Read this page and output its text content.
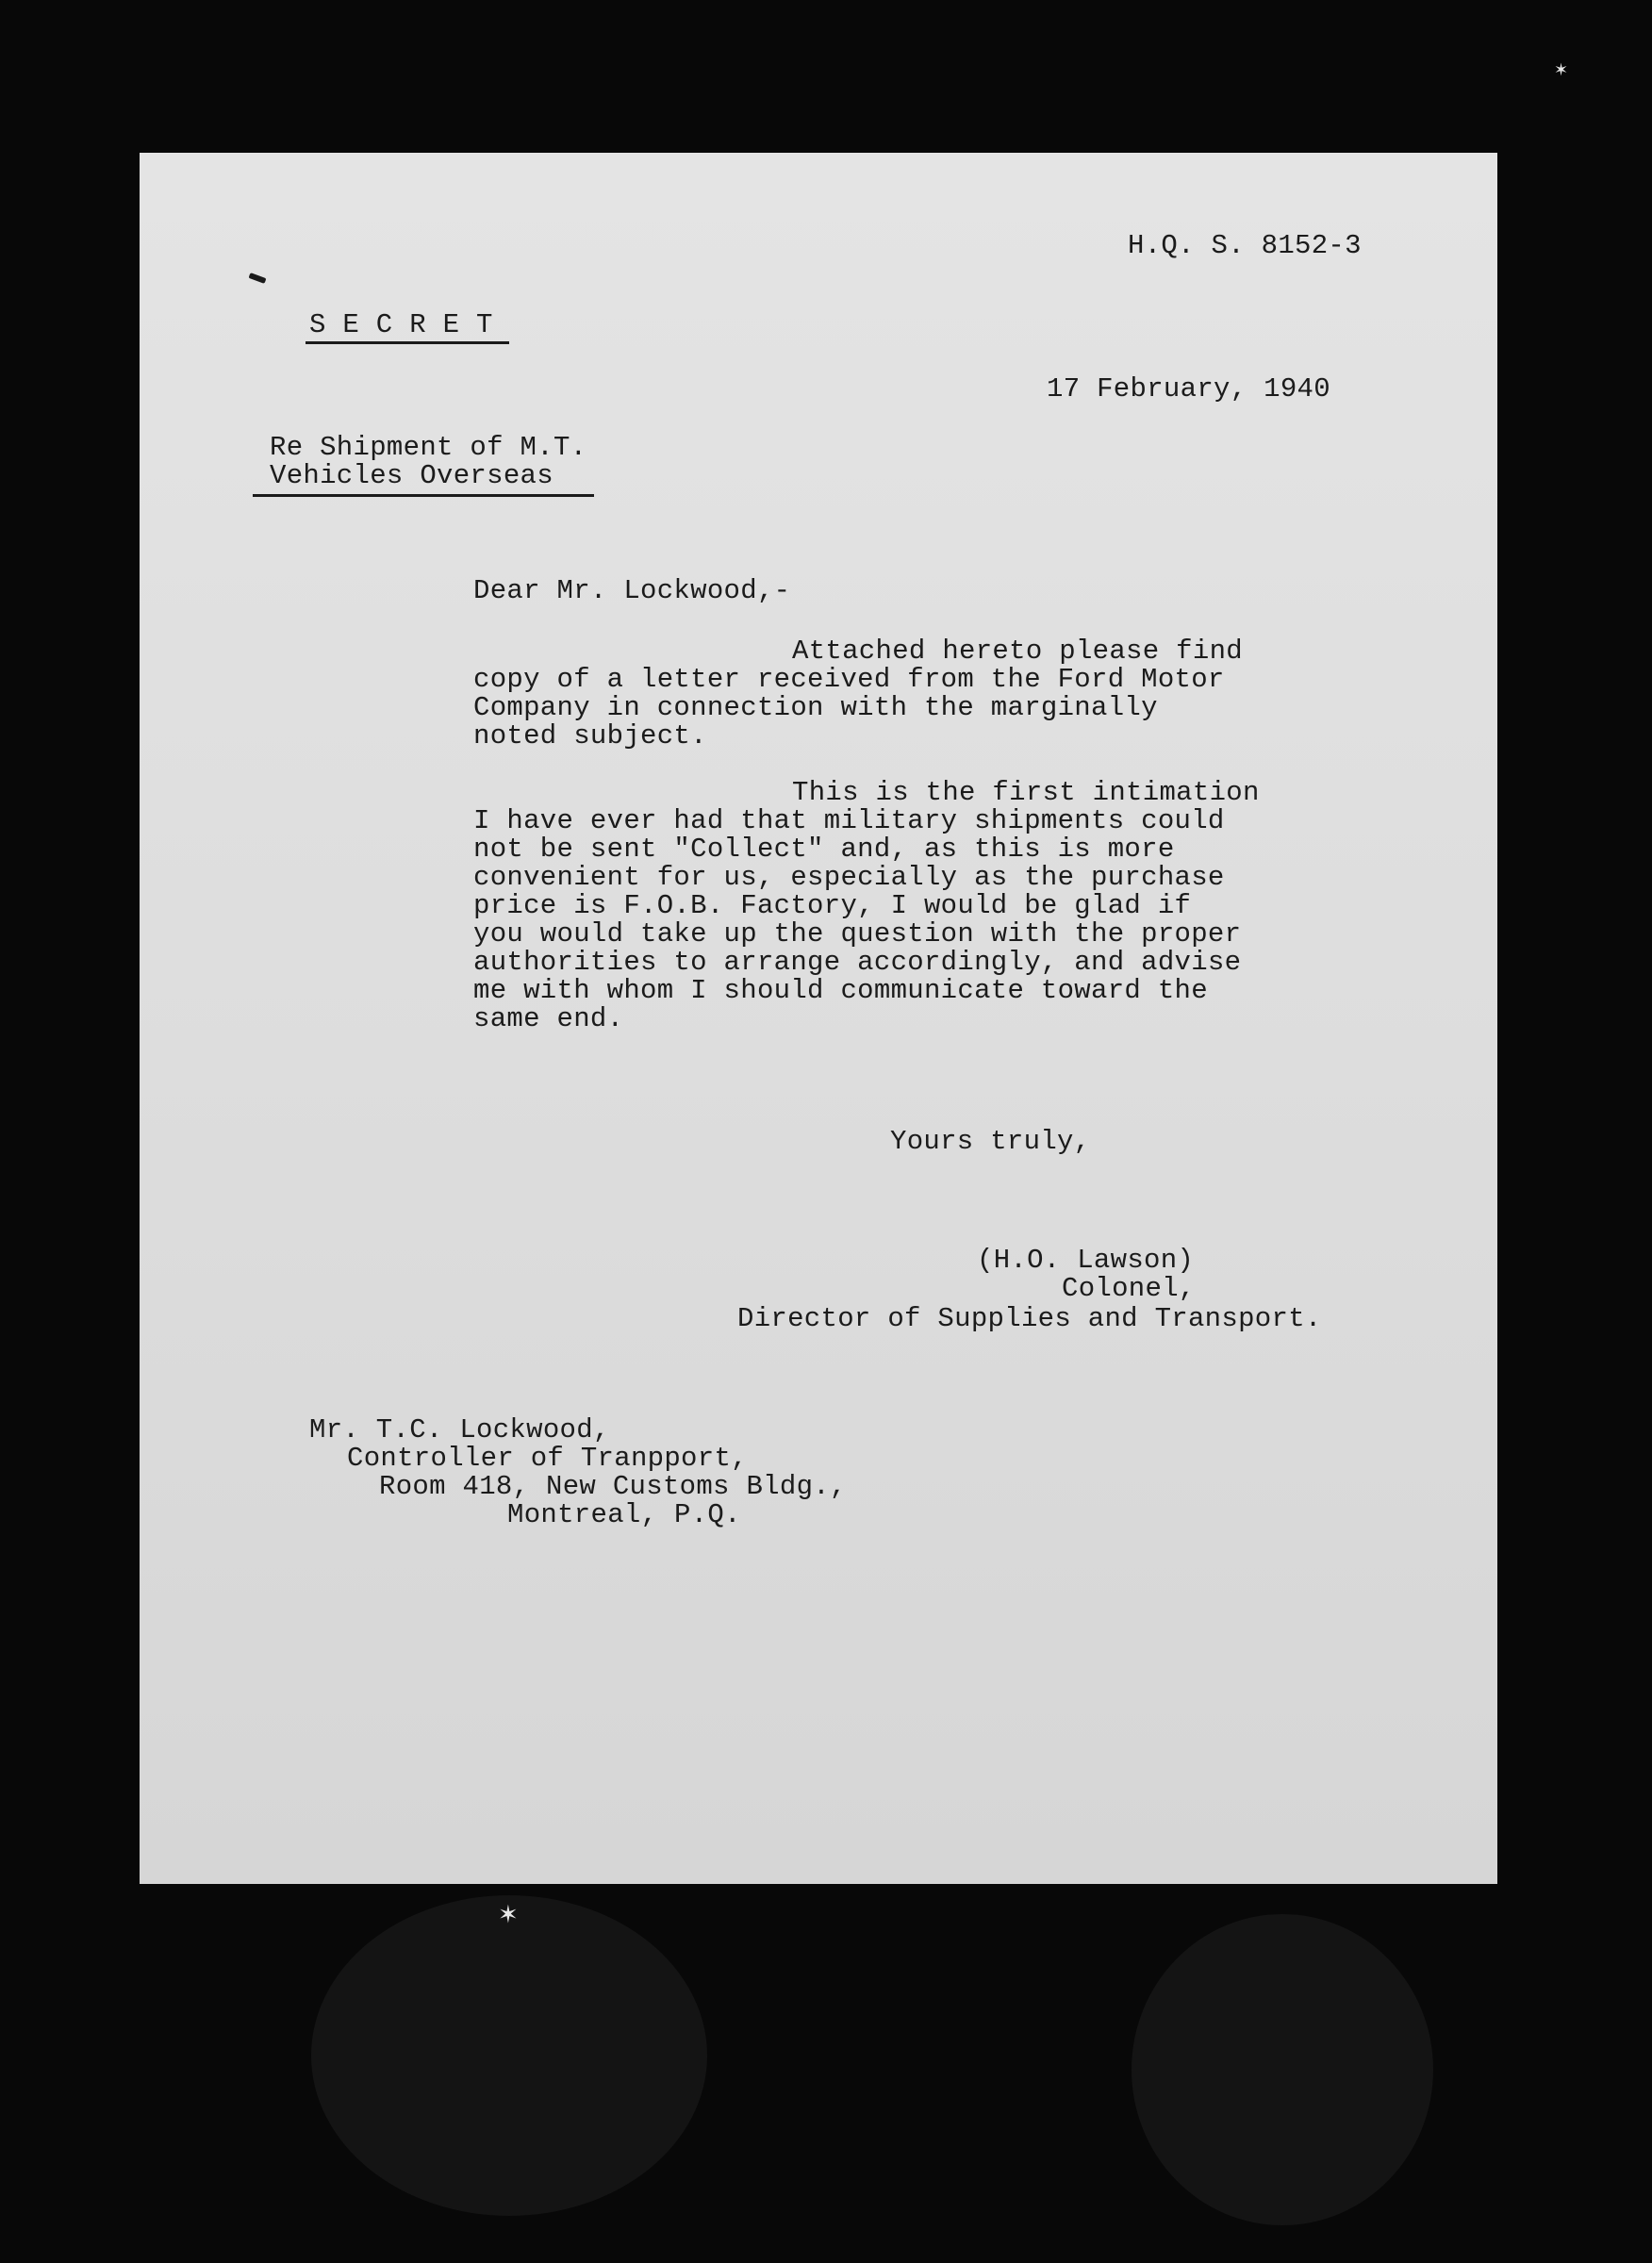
✶
✶
H.Q. S. 8152-3
S E C R E T
17 February, 1940
Re Shipment of M.T.
Vehicles Overseas
Dear Mr. Lockwood,-
Attached hereto please find
copy of a letter received from the Ford Motor
Company in connection with the marginally
noted subject.
This is the first intimation
I have ever had that military shipments could
not be sent "Collect" and, as this is more
convenient for us, especially as the purchase
price is F.O.B. Factory, I would be glad if
you would take up the question with the proper
authorities to arrange accordingly, and advise
me with whom I should communicate toward the
same end.
Yours truly,
(H.O. Lawson)
Colonel,
Director of Supplies and Transport.
Mr. T.C. Lockwood,
Controller of Tranpport,
Room 418, New Customs Bldg.,
Montreal, P.Q.
